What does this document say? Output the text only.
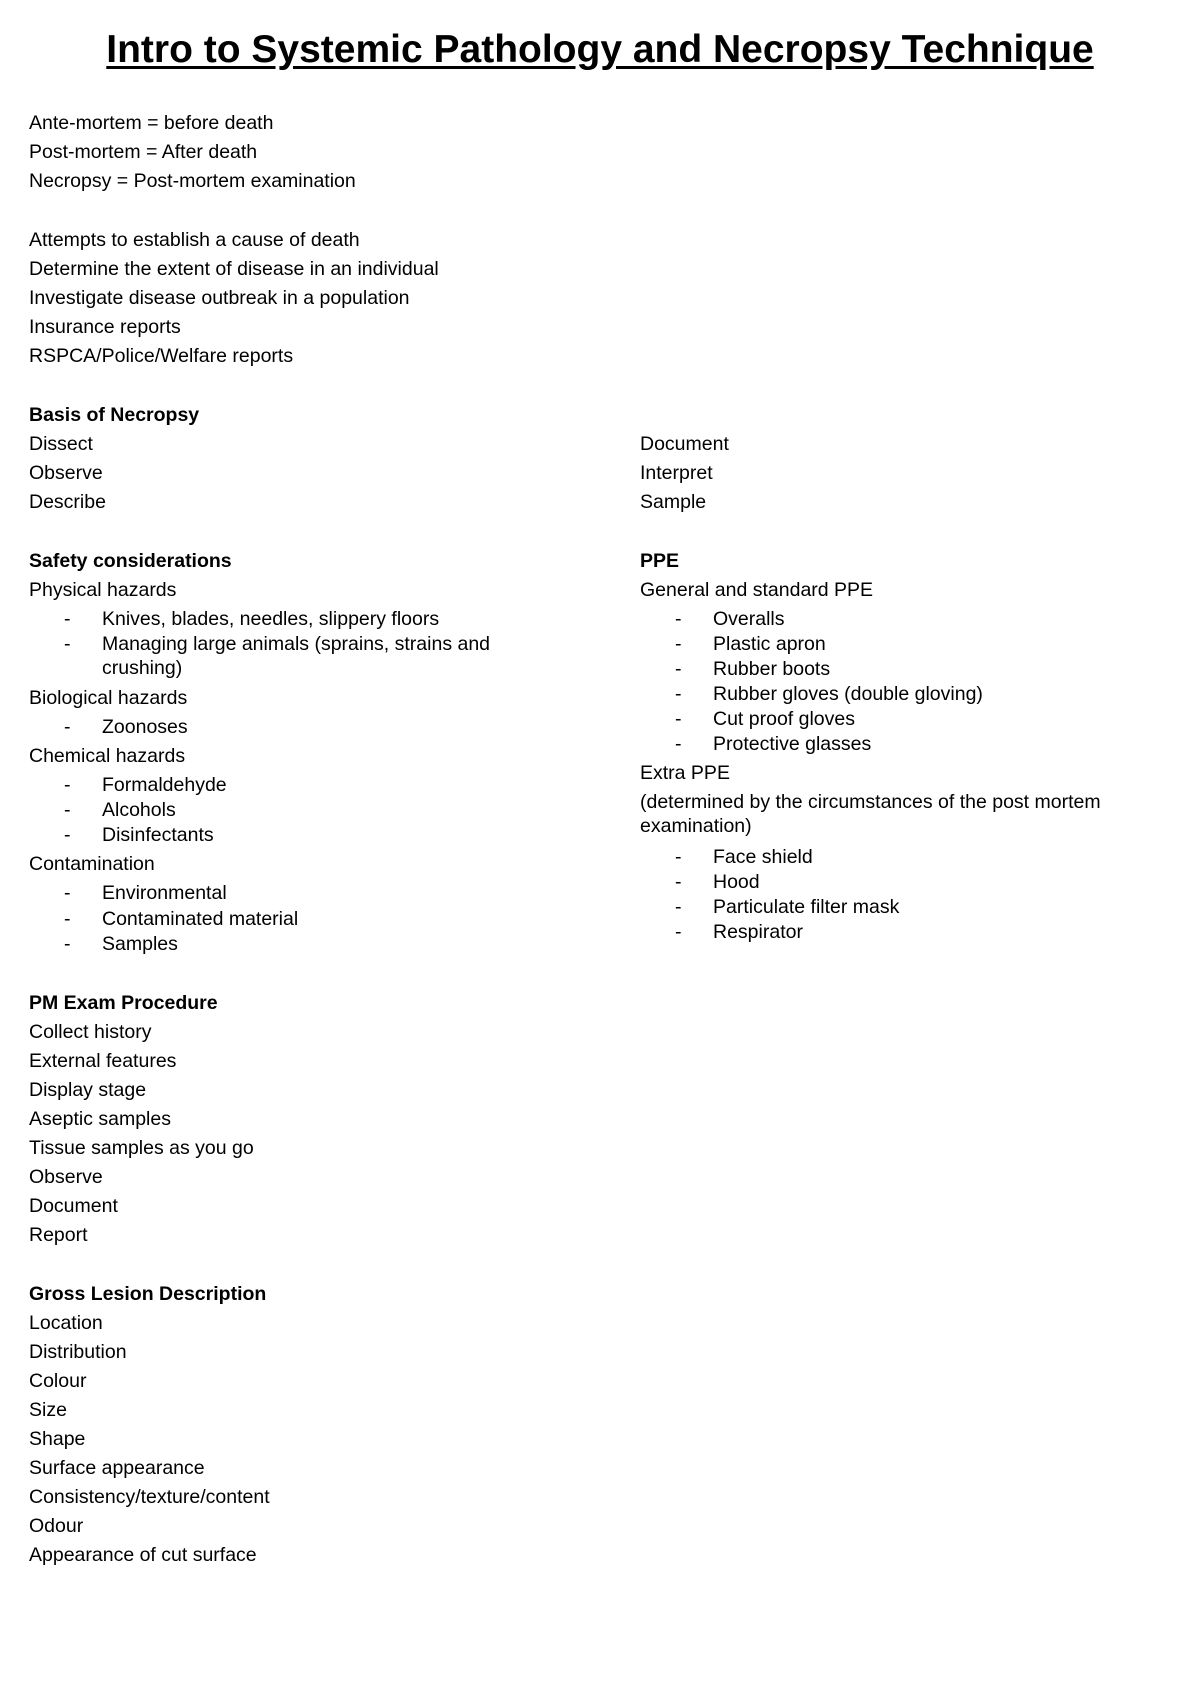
Intro to Systemic Pathology and Necropsy Technique

Ante-mortem = before death

Post-mortem = After death

Necropsy = Post-mortem examination

Attempts to establish a cause of death

Determine the extent of disease in an individual

Investigate disease outbreak in a population

Insurance reports

RSPCA/Police/Welfare reports

Basis of Necropsy

Dissect

Observe

Describe

Document

Interpret

Sample

Safety considerations

Physical hazards

- Knives, blades, needles, slippery floors
- Managing large animals (sprains, strains and crushing)

Biological hazards

- Zoonoses

Chemical hazards

- Formaldehyde
- Alcohols
- Disinfectants

Contamination

- Environmental
- Contaminated material
- Samples

PPE

General and standard PPE

- Overalls
- Plastic apron
- Rubber boots
- Rubber gloves (double gloving)
- Cut proof gloves
- Protective glasses

Extra PPE

(determined by the circumstances of the post mortem examination)

- Face shield
- Hood
- Particulate filter mask
- Respirator

PM Exam Procedure

Collect history

External features

Display stage

Aseptic samples

Tissue samples as you go

Observe

Document

Report

Gross Lesion Description

Location

Distribution

Colour

Size

Shape

Surface appearance

Consistency/texture/content

Odour

Appearance of cut surface
